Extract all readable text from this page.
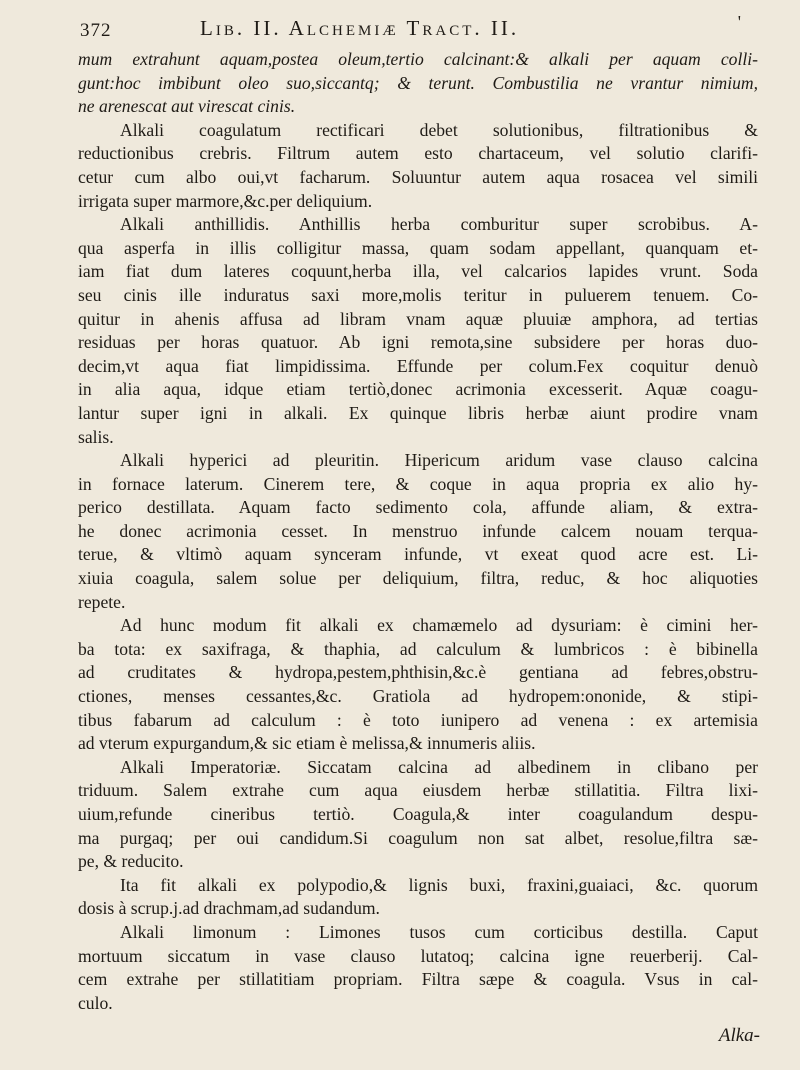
372	Lib. II. Alchemiæ Tract. II.	'

mum extrahunt aquam,postea oleum,tertio calcinant:& alkali per aquam colli-

gunt:hoc imbibunt oleo suo,siccantq; & terunt. Combustilia ne vrantur nimium,

ne arenescat aut virescat cinis.

Alkali coagulatum rectificari debet solutionibus, filtrationibus &

reductionibus crebris. Filtrum autem esto chartaceum, vel solutio clarifi-

cetur cum albo oui,vt facharum. Soluuntur autem aqua rosacea vel simili

irrigata super marmore,&c.per deliquium.

Alkali anthillidis. Anthillis herba comburitur super scrobibus. A-

qua asperfa in illis colligitur massa, quam sodam appellant, quanquam et-

iam fiat dum lateres coquunt,herba illa, vel calcarios lapides vrunt. Soda

seu cinis ille induratus saxi more,molis teritur in puluerem tenuem. Co-

quitur in ahenis affusa ad libram vnam aquæ pluuiæ amphora, ad tertias

residuas per horas quatuor. Ab igni remota,sine subsidere per horas duo-

decim,vt aqua fiat limpidissima. Effunde per colum.Fex coquitur denuò

in alia aqua, idque etiam tertiò,donec acrimonia excesserit. Aquæ coagu-

lantur super igni in alkali. Ex quinque libris herbæ aiunt prodire vnam

salis.

Alkali hyperici ad pleuritin. Hipericum aridum vase clauso calcina

in fornace laterum. Cinerem tere, & coque in aqua propria ex alio hy-

perico destillata. Aquam facto sedimento cola, affunde aliam, & extra-

he donec acrimonia cesset. In menstruo infunde calcem nouam terqua-

terue, & vltimò aquam synceram infunde, vt exeat quod acre est. Li-

xiuia coagula, salem solue per deliquium, filtra, reduc, & hoc aliquoties

repete.

Ad hunc modum fit alkali ex chamæmelo ad dysuriam: è cimini her-

ba tota: ex saxifraga, & thaphia, ad calculum & lumbricos : è bibinella

ad cruditates & hydropa,pestem,phthisin,&c.è gentiana ad febres,obstru-

ctiones, menses cessantes,&c. Gratiola ad hydropem:ononide, & stipi-

tibus fabarum ad calculum : è toto iunipero ad venena : ex artemisia

ad vterum expurgandum,& sic etiam è melissa,& innumeris aliis.

Alkali Imperatoriæ. Siccatam calcina ad albedinem in clibano per

triduum. Salem extrahe cum aqua eiusdem herbæ stillatitia. Filtra lixi-

uium,refunde cineribus tertiò. Coagula,& inter coagulandum despu-

ma purgaq; per oui candidum.Si coagulum non sat albet, resolue,filtra sæ-

pe, & reducito.

Ita fit alkali ex polypodio,& lignis buxi, fraxini,guaiaci, &c. quorum

dosis à scrup.j.ad drachmam,ad sudandum.

Alkali limonum : Limones tusos cum corticibus destilla. Caput

mortuum siccatum in vase clauso lutatoq; calcina igne reuerberij. Cal-

cem extrahe per stillatitiam propriam. Filtra sæpe & coagula. Vsus in cal-

culo.

Alka-
